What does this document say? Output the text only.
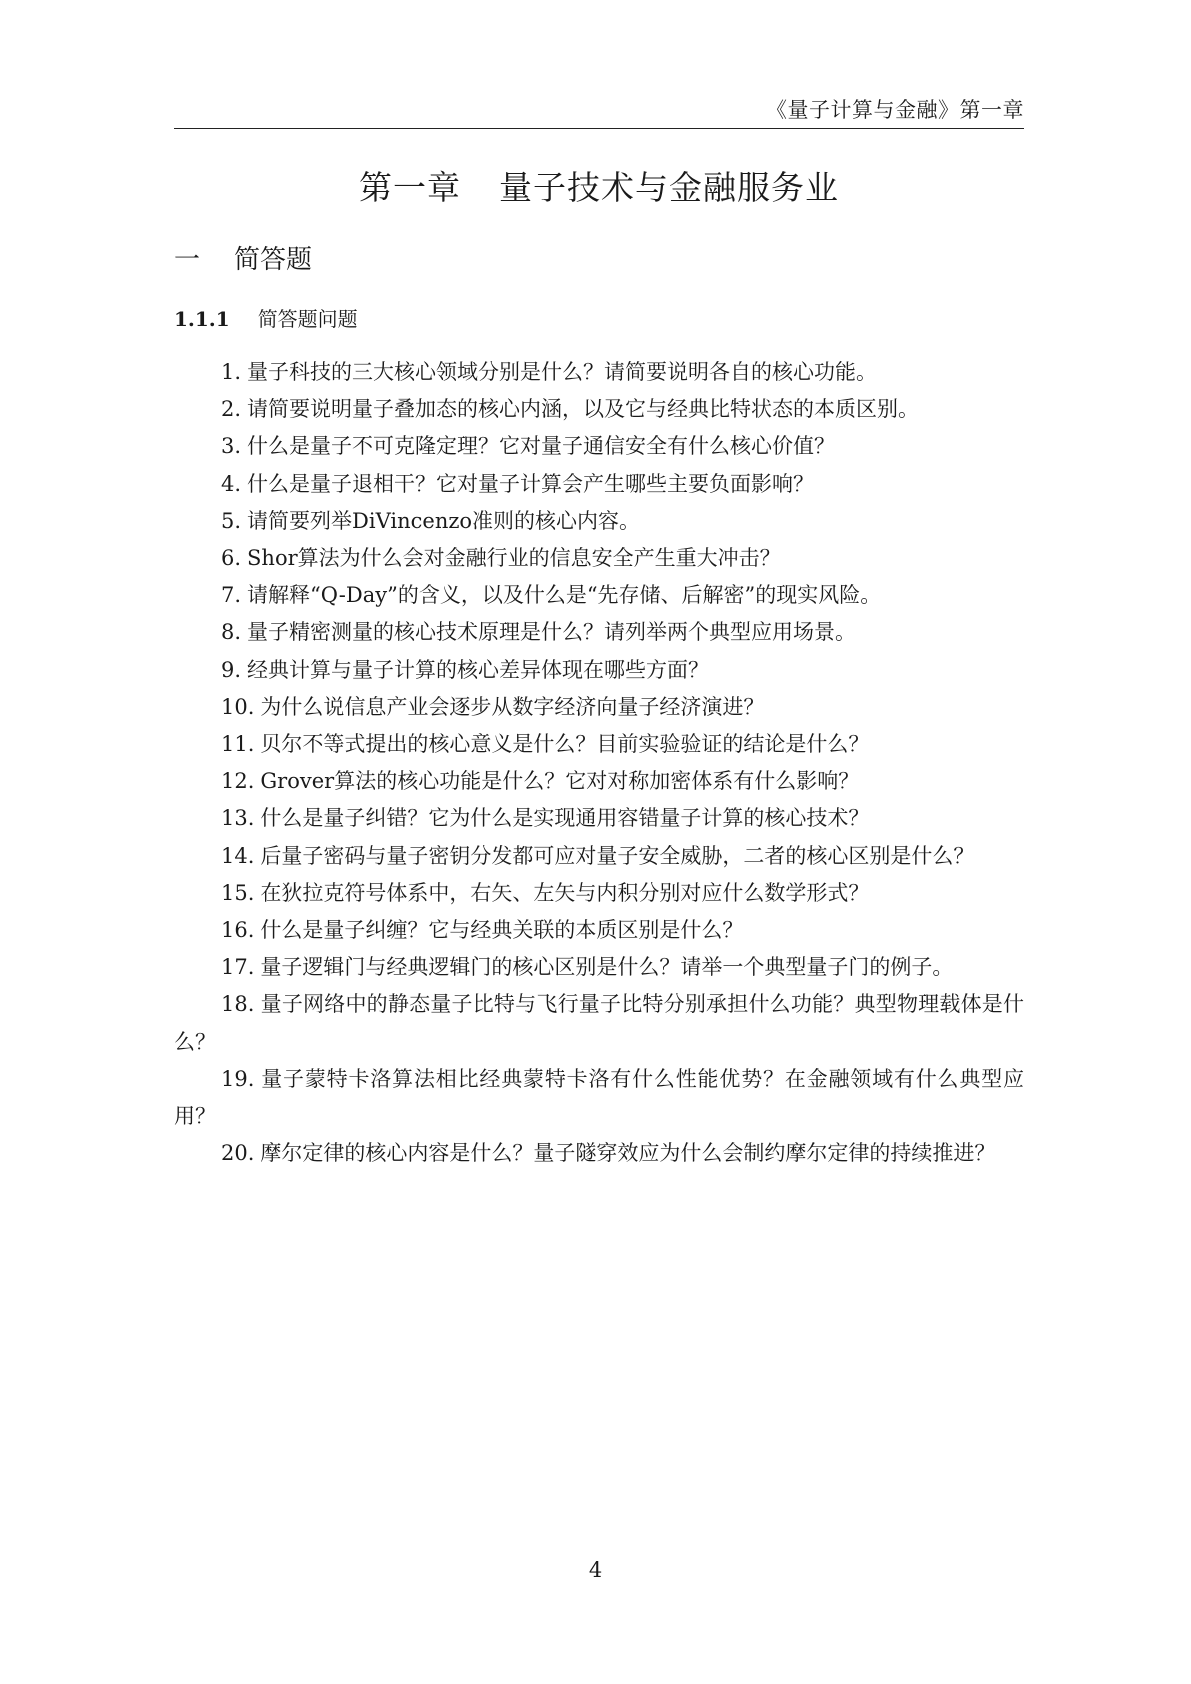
《量子计算与金融》第一章
第一章 量子技术与金融服务业
一 简答题
1.1.1 简答题问题
1. 量子科技的三大核心领域分别是什么？请简要说明各自的核心功能。
2. 请简要说明量子叠加态的核心内涵，以及它与经典比特状态的本质区别。
3. 什么是量子不可克隆定理？它对量子通信安全有什么核心价值？
4. 什么是量子退相干？它对量子计算会产生哪些主要负面影响？
5. 请简要列举DiVincenzo准则的核心内容。
6. Shor算法为什么会对金融行业的信息安全产生重大冲击？
7. 请解释“Q-Day”的含义，以及什么是“先存储、后解密”的现实风险。
8. 量子精密测量的核心技术原理是什么？请列举两个典型应用场景。
9. 经典计算与量子计算的核心差异体现在哪些方面？
10. 为什么说信息产业会逐步从数字经济向量子经济演进？
11. 贝尔不等式提出的核心意义是什么？目前实验验证的结论是什么？
12. Grover算法的核心功能是什么？它对对称加密体系有什么影响？
13. 什么是量子纠错？它为什么是实现通用容错量子计算的核心技术？
14. 后量子密码与量子密钥分发都可应对量子安全威胁，二者的核心区别是什么？
15. 在狄拉克符号体系中，右矢、左矢与内积分别对应什么数学形式？
16. 什么是量子纠缠？它与经典关联的本质区别是什么？
17. 量子逻辑门与经典逻辑门的核心区别是什么？请举一个典型量子门的例子。
18. 量子网络中的静态量子比特与飞行量子比特分别承担什么功能？典型物理载体是什么？
19. 量子蒙特卡洛算法相比经典蒙特卡洛有什么性能优势？在金融领域有什么典型应用？
20. 摩尔定律的核心内容是什么？量子隧穿效应为什么会制约摩尔定律的持续推进？
4
